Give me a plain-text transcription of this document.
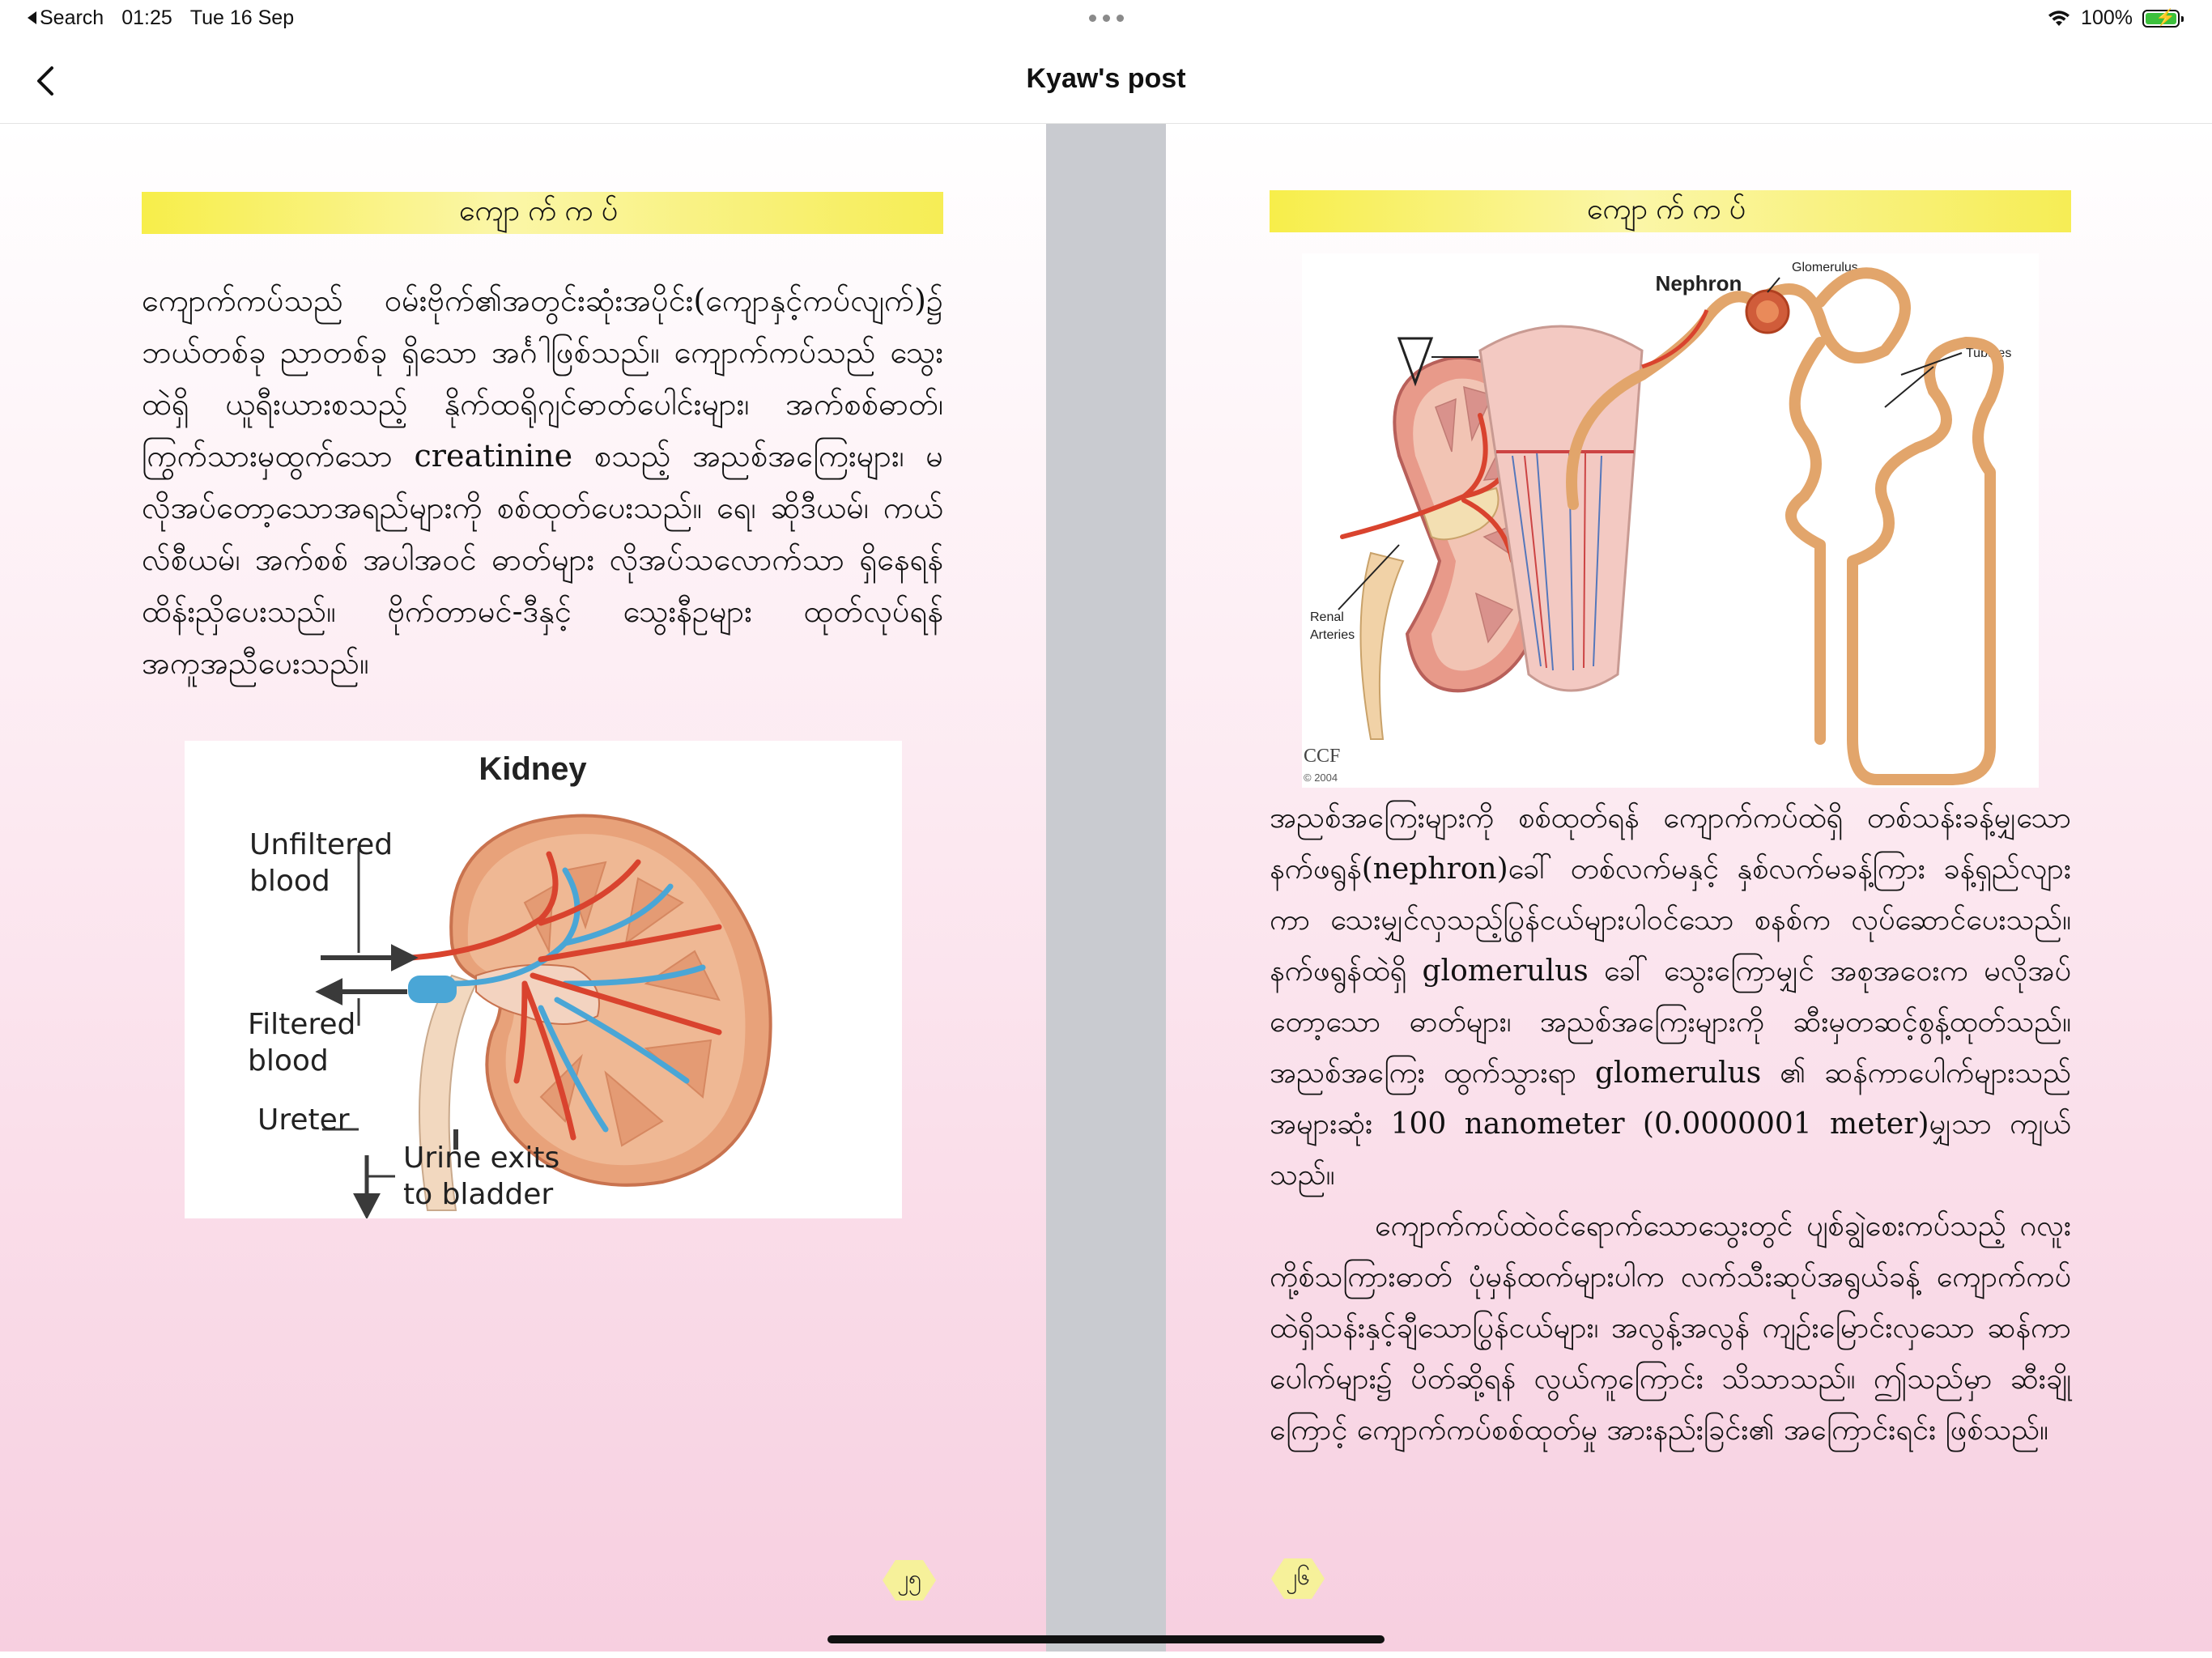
Search 01:25 Tue 16 Sep	100% ⚡
Kyaw's post
ကျောက်ကပ်

ကျောက်ကပ်သည် ဝမ်းဗိုက်၏အတွင်းဆုံးအပိုင်း(ကျောနှင့်ကပ်လျက်)၌ ဘယ်တစ်ခု ညာတစ်ခု ရှိသော အင်္ဂါဖြစ်သည်။ ကျောက်ကပ်သည် သွေးထဲရှိ ယူရီးယားစသည့် နိုက်ထရိုဂျင်ဓာတ်ပေါင်းများ၊ အက်စစ်ဓာတ်၊ ကြွက်သားမှထွက်သော creatinine စသည့် အညစ်အကြေးများ၊ မလိုအပ်တော့သောအရည်များကို စစ်ထုတ်ပေးသည်။ ရေ၊ ဆိုဒီယမ်၊ ကယ်လ်စီယမ်၊ အက်စစ် အပါအဝင် ဓာတ်များ လိုအပ်သလောက်သာ ရှိနေရန် ထိန်းညှိပေးသည်။ ဗိုက်တာမင်-ဒီနှင့် သွေးနီဥများ ထုတ်လုပ်ရန် အကူအညီပေးသည်။

Kidney
Unfiltered
blood
Filtered
blood
Ureter
Urine exits
to bladder
၂၅
ကျောက်ကပ်
Nephron
Glomerulus
Tubules
Renal
Arteries
CCF
© 2004

အညစ်အကြေးများကို စစ်ထုတ်ရန် ကျောက်ကပ်ထဲရှိ တစ်သန်းခန့်မျှသော နက်ဖရွန်(nephron)ခေါ် တစ်လက်မနှင့် နှစ်လက်မခန့်ကြား ခန့်ရှည်လျားကာ သေးမျှင်လှသည့်ပြွန်ငယ်များပါဝင်သော စနစ်က လုပ်ဆောင်ပေးသည်။ နက်ဖရွန်ထဲရှိ glomerulus ခေါ် သွေးကြောမျှင် အစုအဝေးက မလိုအပ်တော့သော ဓာတ်များ၊ အညစ်အကြေးများကို ဆီးမှတဆင့်စွန့်ထုတ်သည်။ အညစ်အကြေး ထွက်သွားရာ glomerulus ၏ ဆန်ကာပေါက်များသည် အများဆုံး 100 nanometer (0.0000001 meter)မျှသာ ကျယ်သည်။

ကျောက်ကပ်ထဲဝင်ရောက်သောသွေးတွင် ပျစ်ချွဲစေးကပ်သည့် ဂလူးကို့စ်သကြားဓာတ် ပုံမှန်ထက်များပါက လက်သီးဆုပ်အရွယ်ခန့် ကျောက်ကပ်ထဲရှိသန်းနှင့်ချီသောပြွန်ငယ်များ၊ အလွန့်အလွန် ကျဉ်းမြောင်းလှသော ဆန်ကာပေါက်များ၌ ပိတ်ဆို့ရန် လွယ်ကူကြောင်း သိသာသည်။ ဤသည်မှာ ဆီးချိုကြောင့် ကျောက်ကပ်စစ်ထုတ်မှု အားနည်းခြင်း၏ အကြောင်းရင်း ဖြစ်သည်။

၂၆
